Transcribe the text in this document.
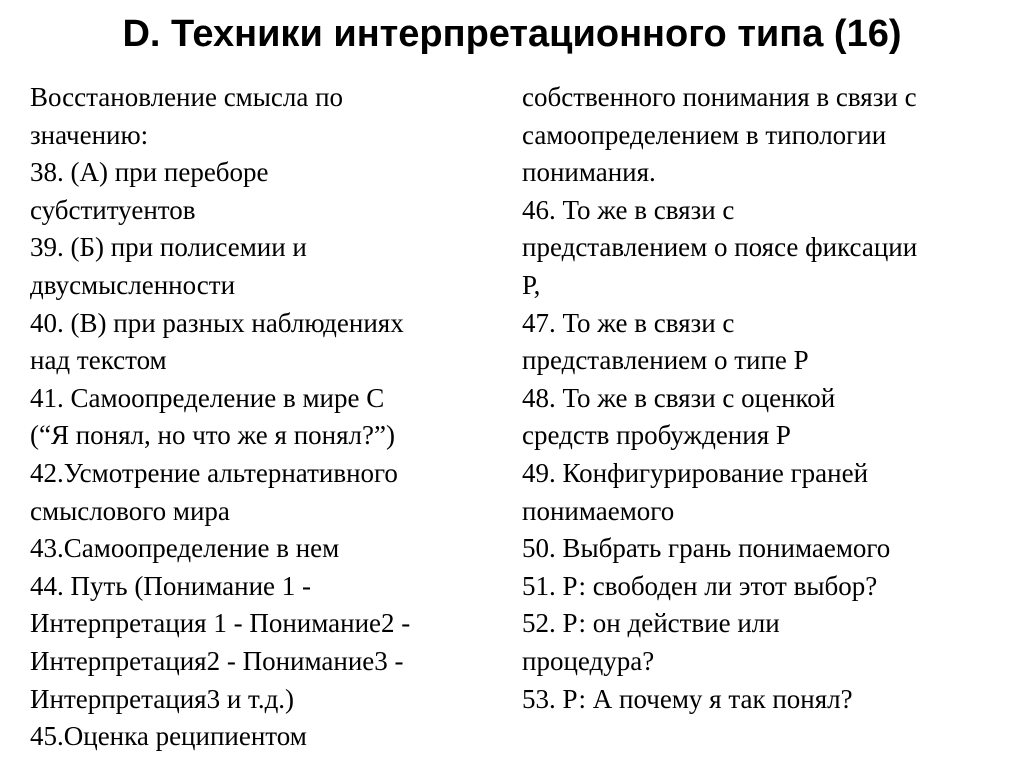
D. Техники интерпретационного типа (16)
Восстановление смысла по
значению:
38. (А) при переборе
субституентов
39. (Б) при полисемии и
двусмысленности
40. (В) при разных наблюдениях
над текстом
41. Самоопределение в мире С
(“Я понял, но что же я понял?”)
42.Усмотрение альтернативного
смыслового мира
43.Самоопределение в нем
44. Путь (Понимание 1 -
Интерпретация 1 - Понимание2 -
Интерпретация2 - Понимание3 -
Интерпретация3 и т.д.)
45.Оценка реципиентом
собственного понимания в связи с
самоопределением в типологии
понимания.
46. То же в связи с
представлением о поясе фиксации
Р,
47. То же в связи с
представлением о типе Р
48. То же в связи с оценкой
средств пробуждения Р
49. Конфигурирование граней
понимаемого
50. Выбрать грань понимаемого
51. Р: свободен ли этот выбор?
52. Р: он действие или
процедура?
53. Р: А почему я так понял?
